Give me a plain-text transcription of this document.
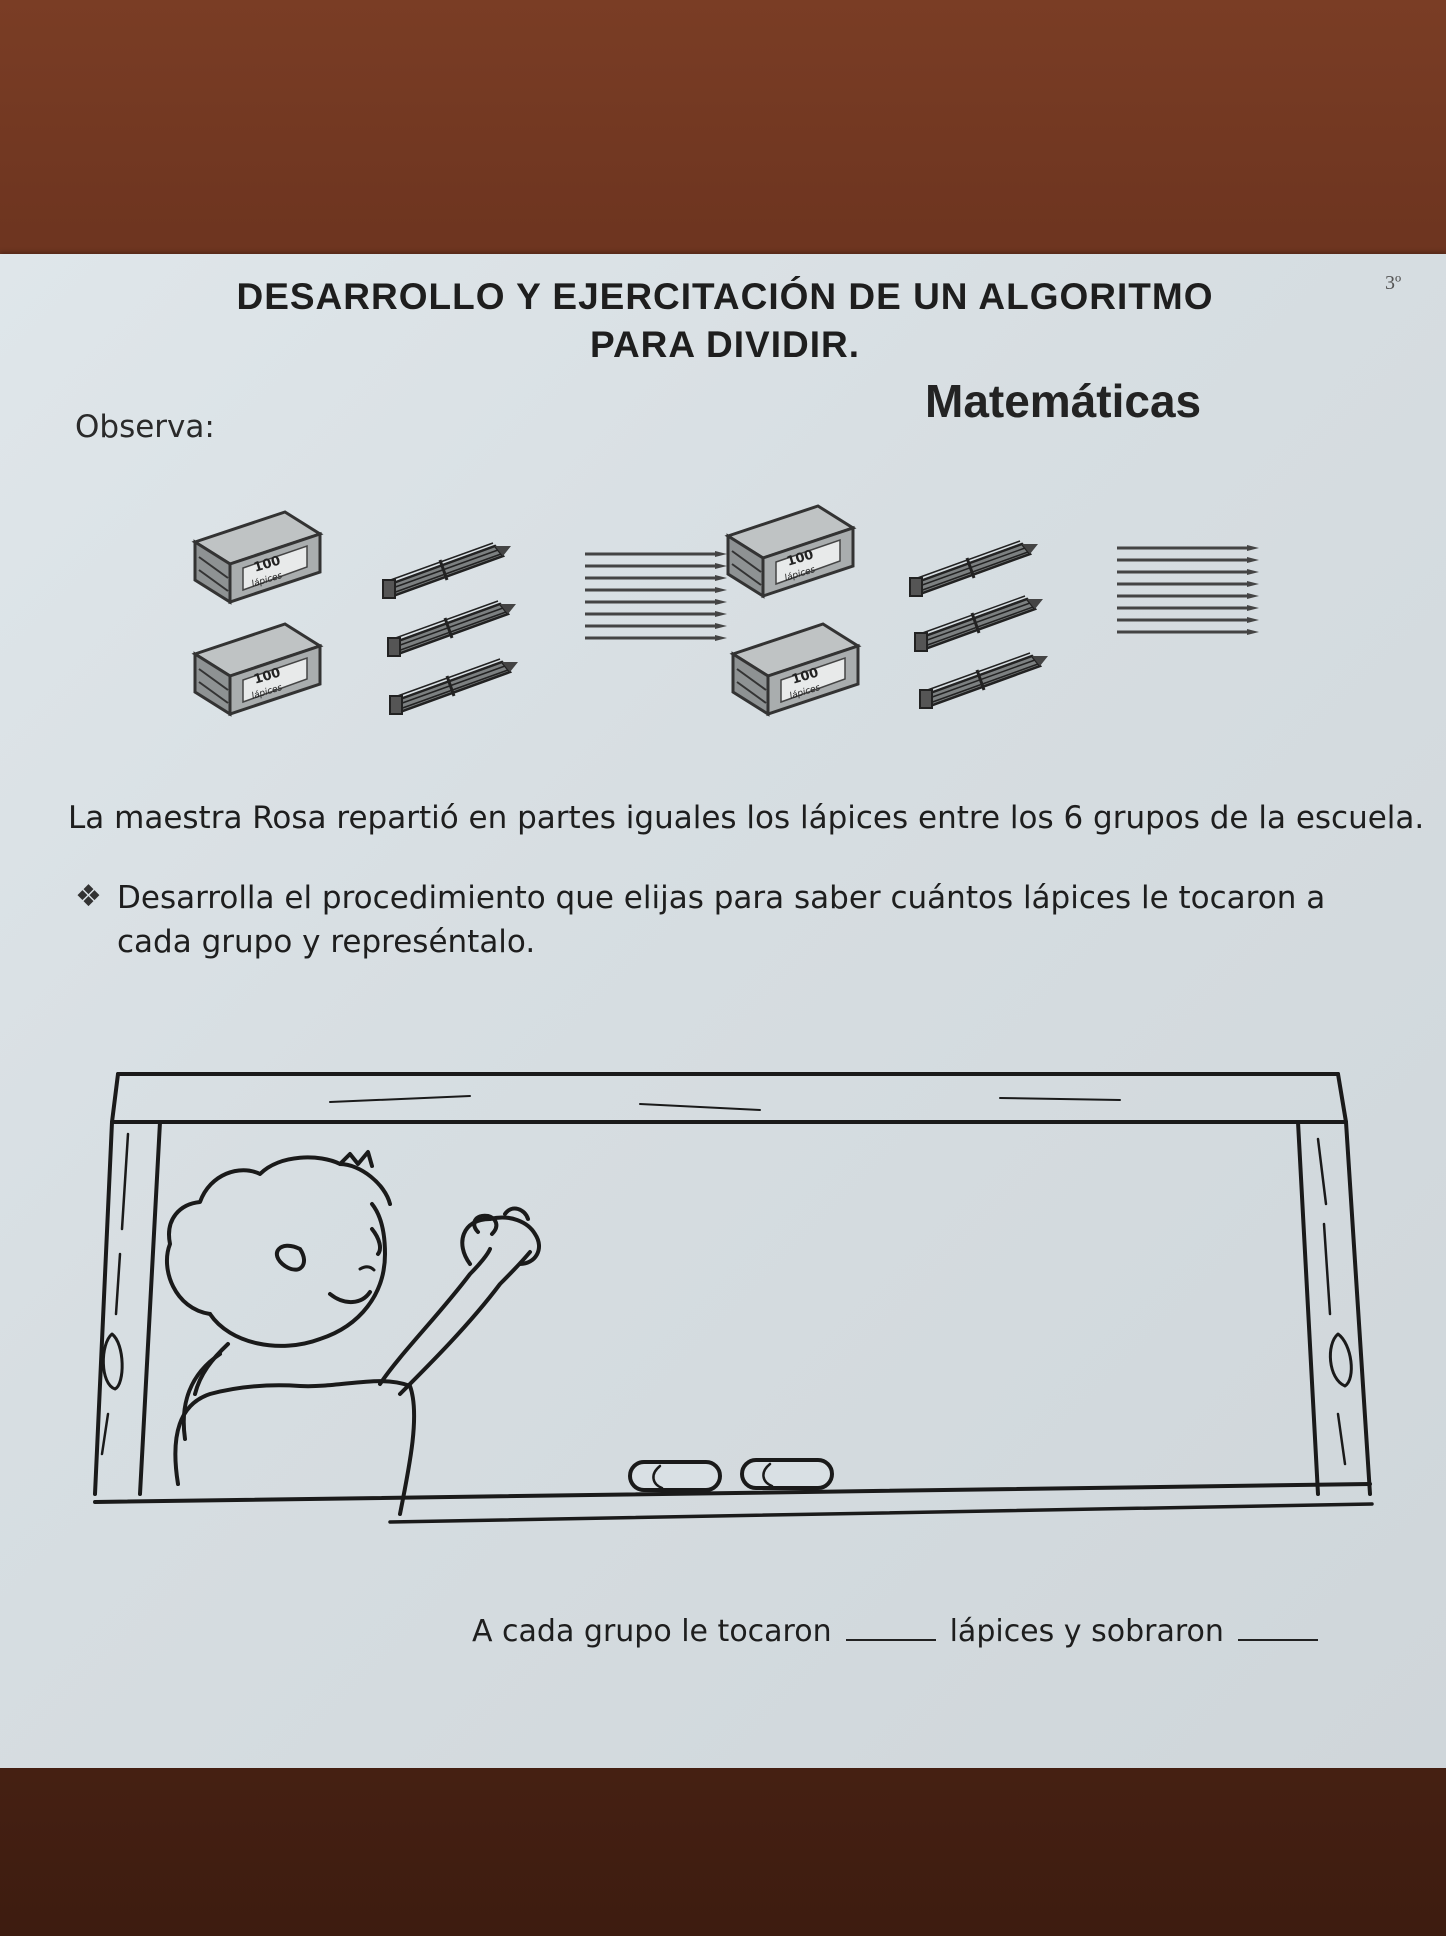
DESARROLLO Y EJERCITACIÓN DE UN ALGORITMO
PARA DIVIDIR.
3º
Matemáticas
Observa:
100
lápices
La maestra Rosa repartió en partes iguales los lápices entre los 6 grupos de la escuela.
❖ Desarrolla el procedimiento que elijas para saber cuántos lápices le tocaron a cada grupo y represéntalo.

A cada grupo le tocaron	lápices y sobraron
